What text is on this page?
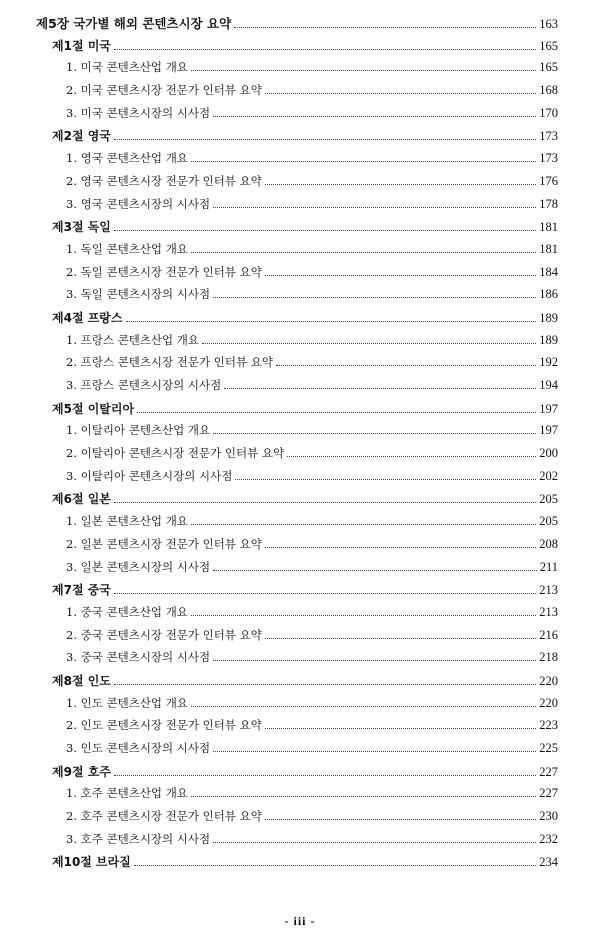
제5장 국가별 해외 콘텐츠시장 요약	163
제1절 미국	165
1. 미국 콘텐츠산업 개요	165
2. 미국 콘텐츠시장 전문가 인터뷰 요약	168
3. 미국 콘텐츠시장의 시사점	170
제2절 영국	173
1. 영국 콘텐츠산업 개요	173
2. 영국 콘텐츠시장 전문가 인터뷰 요약	176
3. 영국 콘텐츠시장의 시사점	178
제3절 독일	181
1. 독일 콘텐츠산업 개요	181
2. 독일 콘텐츠시장 전문가 인터뷰 요약	184
3. 독일 콘텐츠시장의 시사점	186
제4절 프랑스	189
1. 프랑스 콘텐츠산업 개요	189
2. 프랑스 콘텐츠시장 전문가 인터뷰 요약	192
3. 프랑스 콘텐츠시장의 시사점	194
제5절 이탈리아	197
1. 이탈리아 콘텐츠산업 개요	197
2. 이탈리아 콘텐츠시장 전문가 인터뷰 요약	200
3. 이탈리아 콘텐츠시장의 시사점	202
제6절 일본	205
1. 일본 콘텐츠산업 개요	205
2. 일본 콘텐츠시장 전문가 인터뷰 요약	208
3. 일본 콘텐츠시장의 시사점	211
제7절 중국	213
1. 중국 콘텐츠산업 개요	213
2. 중국 콘텐츠시장 전문가 인터뷰 요약	216
3. 중국 콘텐츠시장의 시사점	218
제8절 인도	220
1. 인도 콘텐츠산업 개요	220
2. 인도 콘텐츠시장 전문가 인터뷰 요약	223
3. 인도 콘텐츠시장의 시사점	225
제9절 호주	227
1. 호주 콘텐츠산업 개요	227
2. 호주 콘텐츠시장 전문가 인터뷰 요약	230
3. 호주 콘텐츠시장의 시사점	232
제10절 브라질	234
- iii -
